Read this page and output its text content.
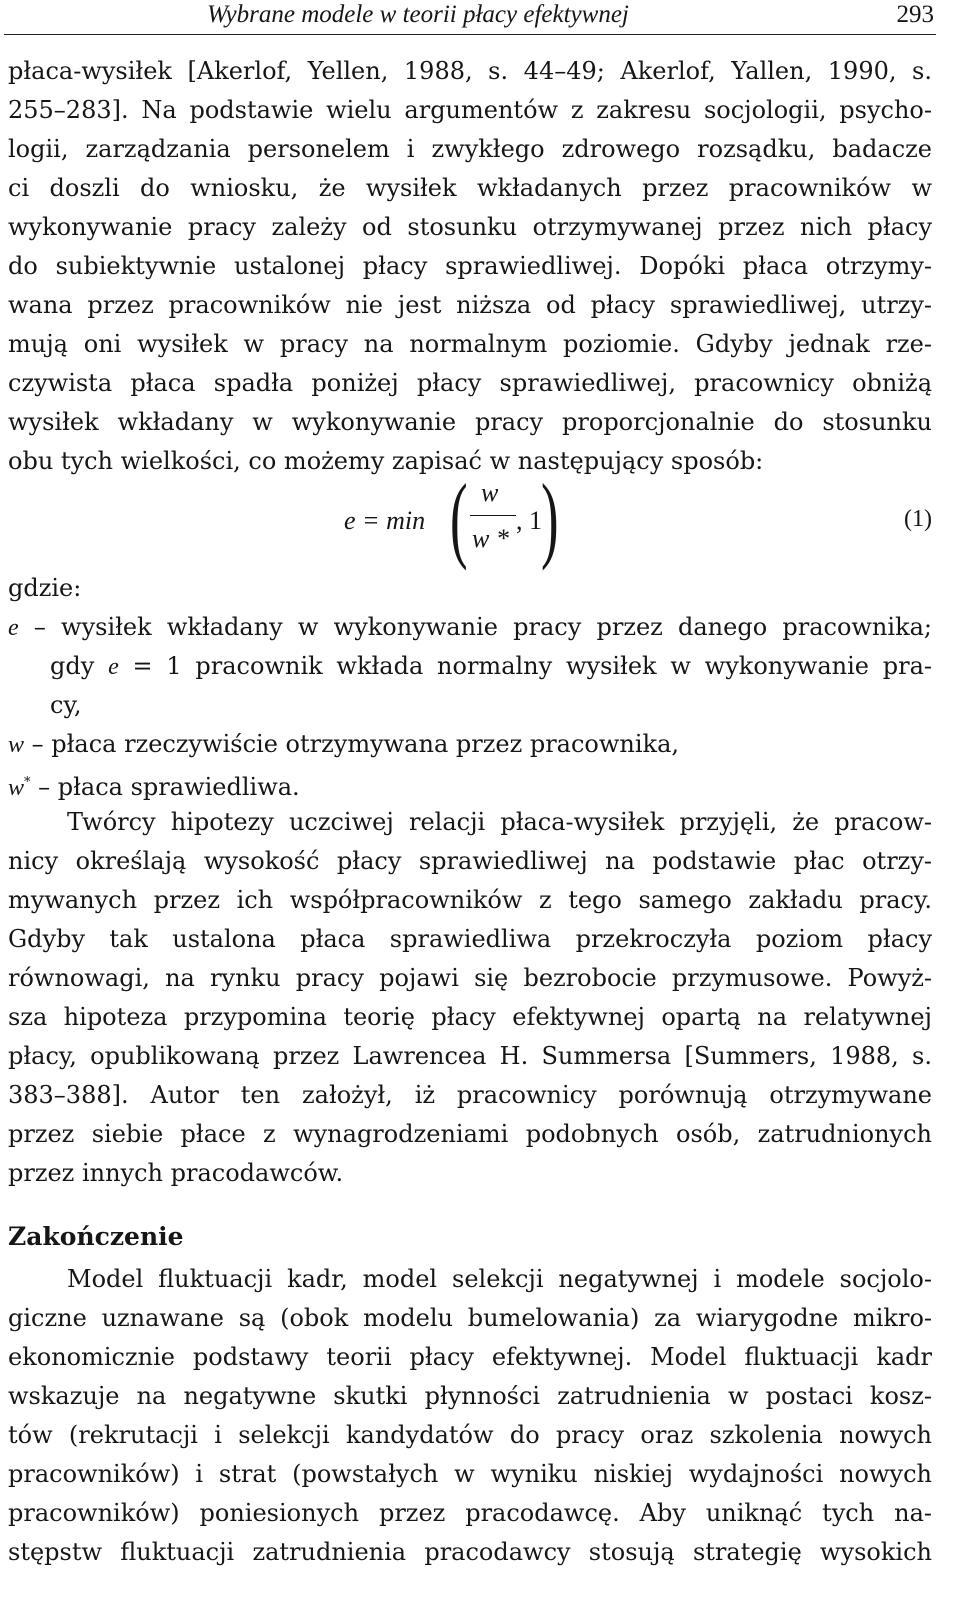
Wybrane modele w teorii płacy efektywnej	293
płaca-wysiłek [Akerlof, Yellen, 1988, s. 44–49; Akerlof, Yallen, 1990, s.
255–283]. Na podstawie wielu argumentów z zakresu socjologii, psycho-
logii, zarządzania personelem i zwykłego zdrowego rozsądku, badacze
ci doszli do wniosku, że wysiłek wkładanych przez pracowników w
wykonywanie pracy zależy od stosunku otrzymywanej przez nich płacy
do subiektywnie ustalonej płacy sprawiedliwej. Dopóki płaca otrzymy-
wana przez pracowników nie jest niższa od płacy sprawiedliwej, utrzy-
mują oni wysiłek w pracy na normalnym poziomie. Gdyby jednak rze-
czywista płaca spadła poniżej płacy sprawiedliwej, pracownicy obniżą
wysiłek wkładany w wykonywanie pracy proporcjonalnie do stosunku
obu tych wielkości, co możemy zapisać w następujący sposób:
e = min ( w
w *
, 1 )	(1)
gdzie:
e – wysiłek wkładany w wykonywanie pracy przez danego pracownika;
gdy e = 1 pracownik wkłada normalny wysiłek w wykonywanie pra-
cy,
w – płaca rzeczywiście otrzymywana przez pracownika,
w* – płaca sprawiedliwa.
Twórcy hipotezy uczciwej relacji płaca-wysiłek przyjęli, że pracow-
nicy określają wysokość płacy sprawiedliwej na podstawie płac otrzy-
mywanych przez ich współpracowników z tego samego zakładu pracy.
Gdyby tak ustalona płaca sprawiedliwa przekroczyła poziom płacy
równowagi, na rynku pracy pojawi się bezrobocie przymusowe. Powyż-
sza hipoteza przypomina teorię płacy efektywnej opartą na relatywnej
płacy, opublikowaną przez Lawrencea H. Summersa [Summers, 1988, s.
383–388]. Autor ten założył, iż pracownicy porównują otrzymywane
przez siebie płace z wynagrodzeniami podobnych osób, zatrudnionych
przez innych pracodawców.
Zakończenie
Model fluktuacji kadr, model selekcji negatywnej i modele socjolo-
giczne uznawane są (obok modelu bumelowania) za wiarygodne mikro-
ekonomicznie podstawy teorii płacy efektywnej. Model fluktuacji kadr
wskazuje na negatywne skutki płynności zatrudnienia w postaci kosz-
tów (rekrutacji i selekcji kandydatów do pracy oraz szkolenia nowych
pracowników) i strat (powstałych w wyniku niskiej wydajności nowych
pracowników) poniesionych przez pracodawcę. Aby uniknąć tych na-
stępstw fluktuacji zatrudnienia pracodawcy stosują strategię wysokich
